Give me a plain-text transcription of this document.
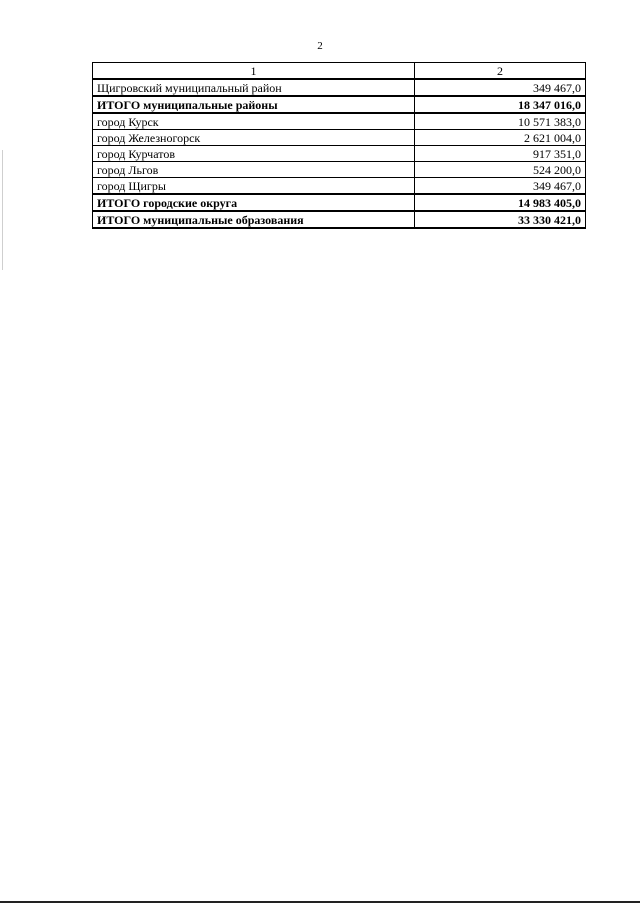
2
1	2
Щигровский муниципальный район	349 467,0
ИТОГО муниципальные районы	18 347 016,0
город Курск	10 571 383,0
город Железногорск	2 621 004,0
город Курчатов	917 351,0
город Льгов	524 200,0
город Щигры	349 467,0
ИТОГО городские округа	14 983 405,0
ИТОГО муниципальные образования	33 330 421,0
